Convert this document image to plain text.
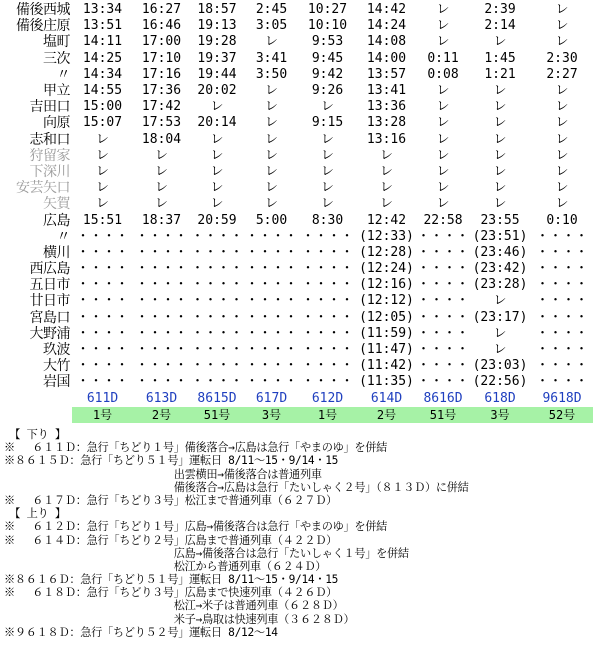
備後西城	13:34	16:27	18:57	2:45	10:27	14:42	レ	2:39	レ
備後庄原	13:51	16:46	19:13	3:05	10:10	14:24	レ	2:14	レ
塩町	14:11	17:00	19:28	レ	9:53	14:08	レ	レ	レ
三次	14:25	17:10	19:37	3:41	9:45	14:00	0:11	1:45	2:30
〃	14:34	17:16	19:44	3:50	9:42	13:57	0:08	1:21	2:27
甲立	14:55	17:36	20:02	レ	9:26	13:41	レ	レ	レ
吉田口	15:00	17:42	レ	レ	レ	13:36	レ	レ	レ
向原	15:07	17:53	20:14	レ	9:15	13:28	レ	レ	レ
志和口	レ	18:04	レ	レ	レ	13:16	レ	レ	レ
狩留家	レ	レ	レ	レ	レ	レ	レ	レ	レ
下深川	レ	レ	レ	レ	レ	レ	レ	レ	レ
安芸矢口	レ	レ	レ	レ	レ	レ	レ	レ	レ
矢賀	レ	レ	レ	レ	レ	レ	レ	レ	レ
広島	15:51	18:37	20:59	5:00	8:30	12:42	22:58	23:55	0:10
〃	・・・・	・・・・	・・・・	・・・・	・・・・	(12:33)	・・・・	(23:51)	・・・・
横川	・・・・	・・・・	・・・・	・・・・	・・・・	(12:28)	・・・・	(23:46)	・・・・
西広島	・・・・	・・・・	・・・・	・・・・	・・・・	(12:24)	・・・・	(23:42)	・・・・
五日市	・・・・	・・・・	・・・・	・・・・	・・・・	(12:16)	・・・・	(23:28)	・・・・
廿日市	・・・・	・・・・	・・・・	・・・・	・・・・	(12:12)	・・・・	レ	・・・・
宮島口	・・・・	・・・・	・・・・	・・・・	・・・・	(12:05)	・・・・	(23:17)	・・・・
大野浦	・・・・	・・・・	・・・・	・・・・	・・・・	(11:59)	・・・・	レ	・・・・
玖波	・・・・	・・・・	・・・・	・・・・	・・・・	(11:47)	・・・・	レ	・・・・
大竹	・・・・	・・・・	・・・・	・・・・	・・・・	(11:42)	・・・・	(23:03)	・・・・
岩国	・・・・	・・・・	・・・・	・・・・	・・・・	(11:35)	・・・・	(22:56)	・・・・
	611D	613D	8615D	617D	612D	614D	8616D	618D	9618D
	1号	2号	51号	3号	1号	2号	51号	3号	52号
　【 下り 】
※　 ６１１Ｄ：急行「ちどり１号」備後落合→広島は急行「やまのゆ」を併結
※８６１５Ｄ：急行「ちどり５１号」運転日 8/11〜15・9/14・15
　　　　　　　　　　　　　　　 出雲横田→備後落合は普通列車
　　　　　　　　　　　　　　　 備後落合→広島は急行「たいしゃく２号」（８１３Ｄ）に併結
※　 ６１７Ｄ：急行「ちどり３号」松江まで普通列車（６２７Ｄ）
　【 上り 】
※　 ６１２Ｄ：急行「ちどり１号」広島→備後落合は急行「やまのゆ」を併結
※　 ６１４Ｄ：急行「ちどり２号」広島まで普通列車（４２２Ｄ）
　　　　　　　　　　　　　　　 広島→備後落合は急行「たいしゃく１号」を併結
　　　　　　　　　　　　　　　 松江から普通列車（６２４Ｄ）
※８６１６Ｄ：急行「ちどり５１号」運転日 8/11〜15・9/14・15
※　 ６１８Ｄ：急行「ちどり３号」広島まで快速列車（４２６Ｄ）
　　　　　　　　　　　　　　　 松江→米子は普通列車（６２８Ｄ）
　　　　　　　　　　　　　　　 米子→鳥取は快速列車（３６２８Ｄ）
※９６１８Ｄ：急行「ちどり５２号」運転日 8/12〜14
